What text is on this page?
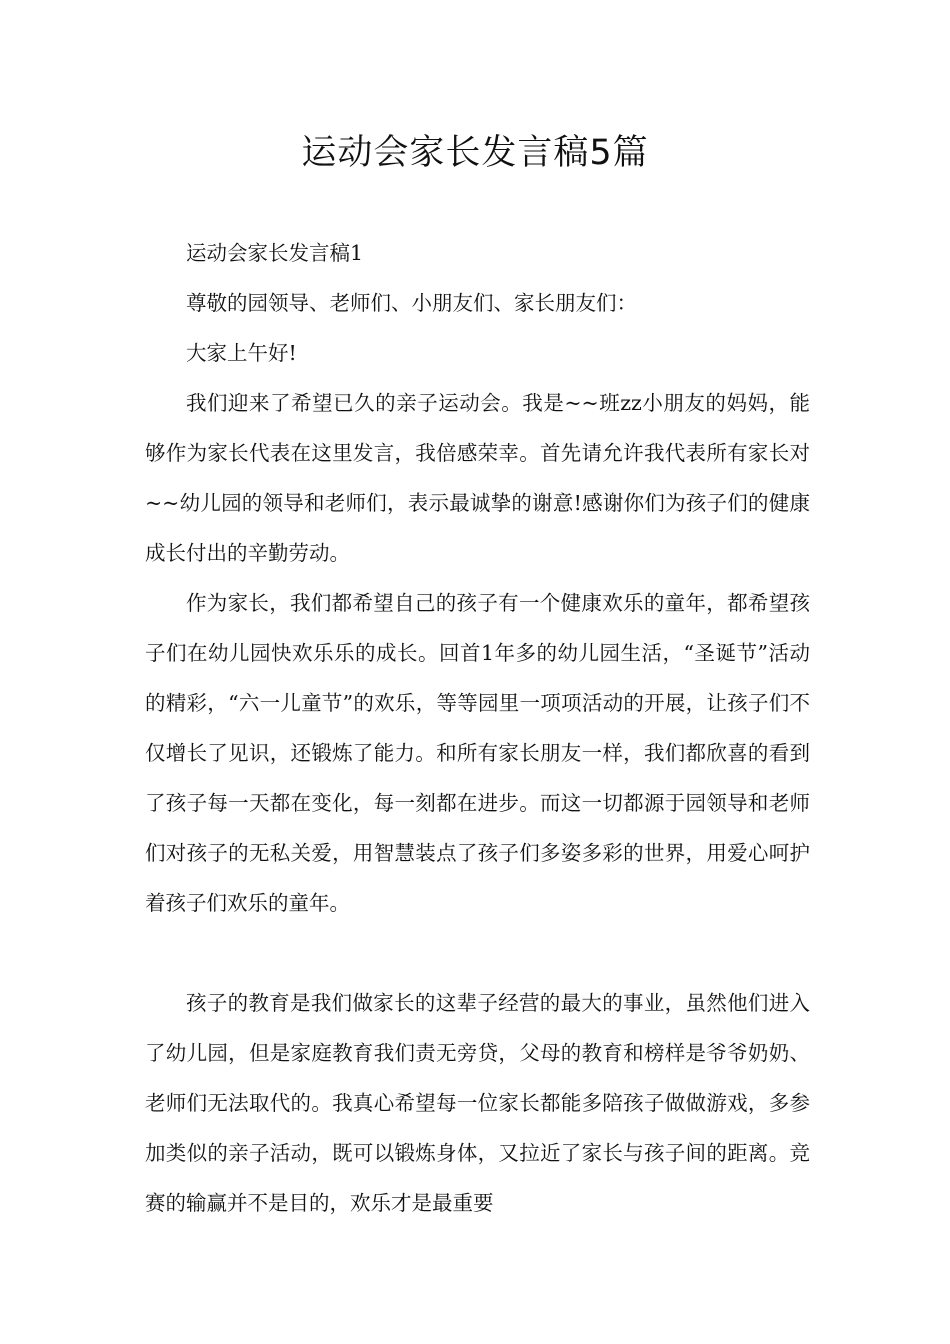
运动会家长发言稿5篇

运动会家长发言稿1

尊敬的园领导、老师们、小朋友们、家长朋友们：

大家上午好!

我们迎来了希望已久的亲子运动会。我是~~班zz小朋友的妈妈，能够作为家长代表在这里发言，我倍感荣幸。首先请允许我代表所有家长对~~幼儿园的领导和老师们，表示最诚挚的谢意!感谢你们为孩子们的健康成长付出的辛勤劳动。

作为家长，我们都希望自己的孩子有一个健康欢乐的童年，都希望孩子们在幼儿园快欢乐乐的成长。回首1年多的幼儿园生活，“圣诞节”活动的精彩，“六一儿童节”的欢乐，等等园里一项项活动的开展，让孩子们不仅增长了见识，还锻炼了能力。和所有家长朋友一样，我们都欣喜的看到了孩子每一天都在变化，每一刻都在进步。而这一切都源于园领导和老师们对孩子的无私关爱，用智慧装点了孩子们多姿多彩的世界，用爱心呵护着孩子们欢乐的童年。

孩子的教育是我们做家长的这辈子经营的最大的事业，虽然他们进入了幼儿园，但是家庭教育我们责无旁贷，父母的教育和榜样是爷爷奶奶、老师们无法取代的。我真心希望每一位家长都能多陪孩子做做游戏，多参加类似的亲子活动，既可以锻炼身体，又拉近了家长与孩子间的距离。竞赛的输赢并不是目的，欢乐才是最重要
